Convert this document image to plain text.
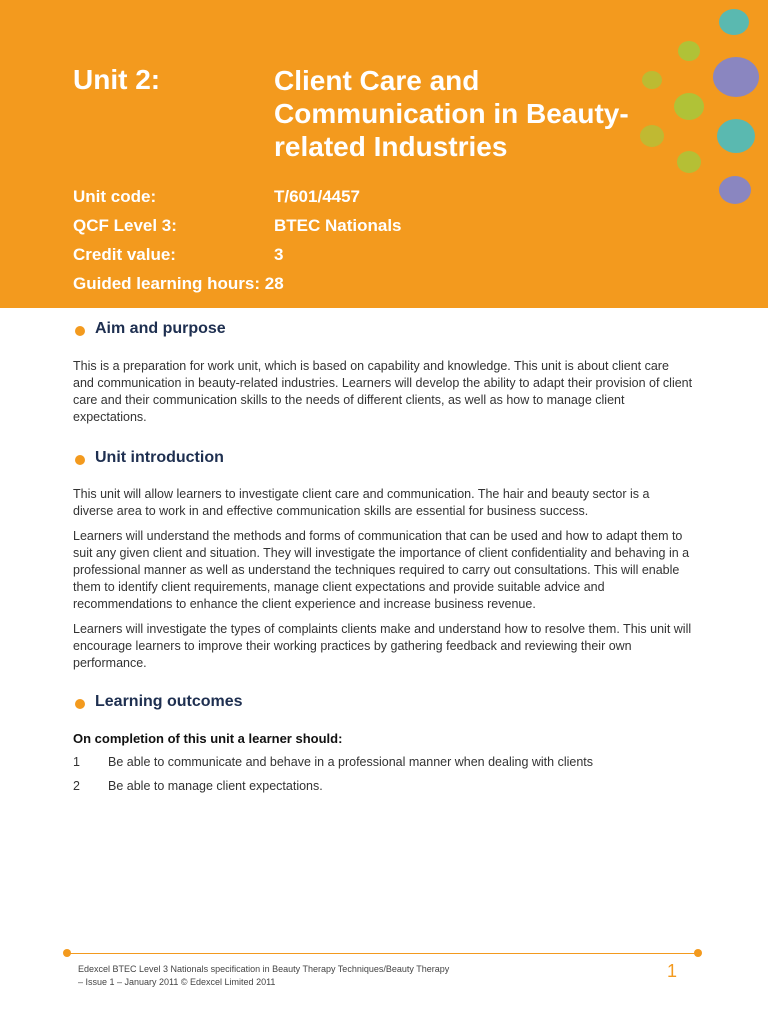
Unit 2:	Client Care and Communication in Beauty-related Industries
Unit code:	T/601/4457
QCF Level 3:	BTEC Nationals
Credit value:	3
Guided learning hours: 28
Aim and purpose

This is a preparation for work unit, which is based on capability and knowledge. This unit is about client care and communication in beauty-related industries. Learners will develop the ability to adapt their provision of client care and their communication skills to the needs of different clients, as well as how to manage client expectations.

Unit introduction

This unit will allow learners to investigate client care and communication. The hair and beauty sector is a diverse area to work in and effective communication skills are essential for business success.

Learners will understand the methods and forms of communication that can be used and how to adapt them to suit any given client and situation. They will investigate the importance of client confidentiality and behaving in a professional manner as well as understand the techniques required to carry out consultations. This will enable them to identify client requirements, manage client expectations and provide suitable advice and recommendations to enhance the client experience and increase business revenue.

Learners will investigate the types of complaints clients make and understand how to resolve them. This unit will encourage learners to improve their working practices by gathering feedback and reviewing their own performance.

Learning outcomes
On completion of this unit a learner should:
1 Be able to communicate and behave in a professional manner when dealing with clients
2 Be able to manage client expectations.
Edexcel BTEC Level 3 Nationals specification in Beauty Therapy Techniques/Beauty Therapy
– Issue 1 – January 2011 © Edexcel Limited 2011
1
